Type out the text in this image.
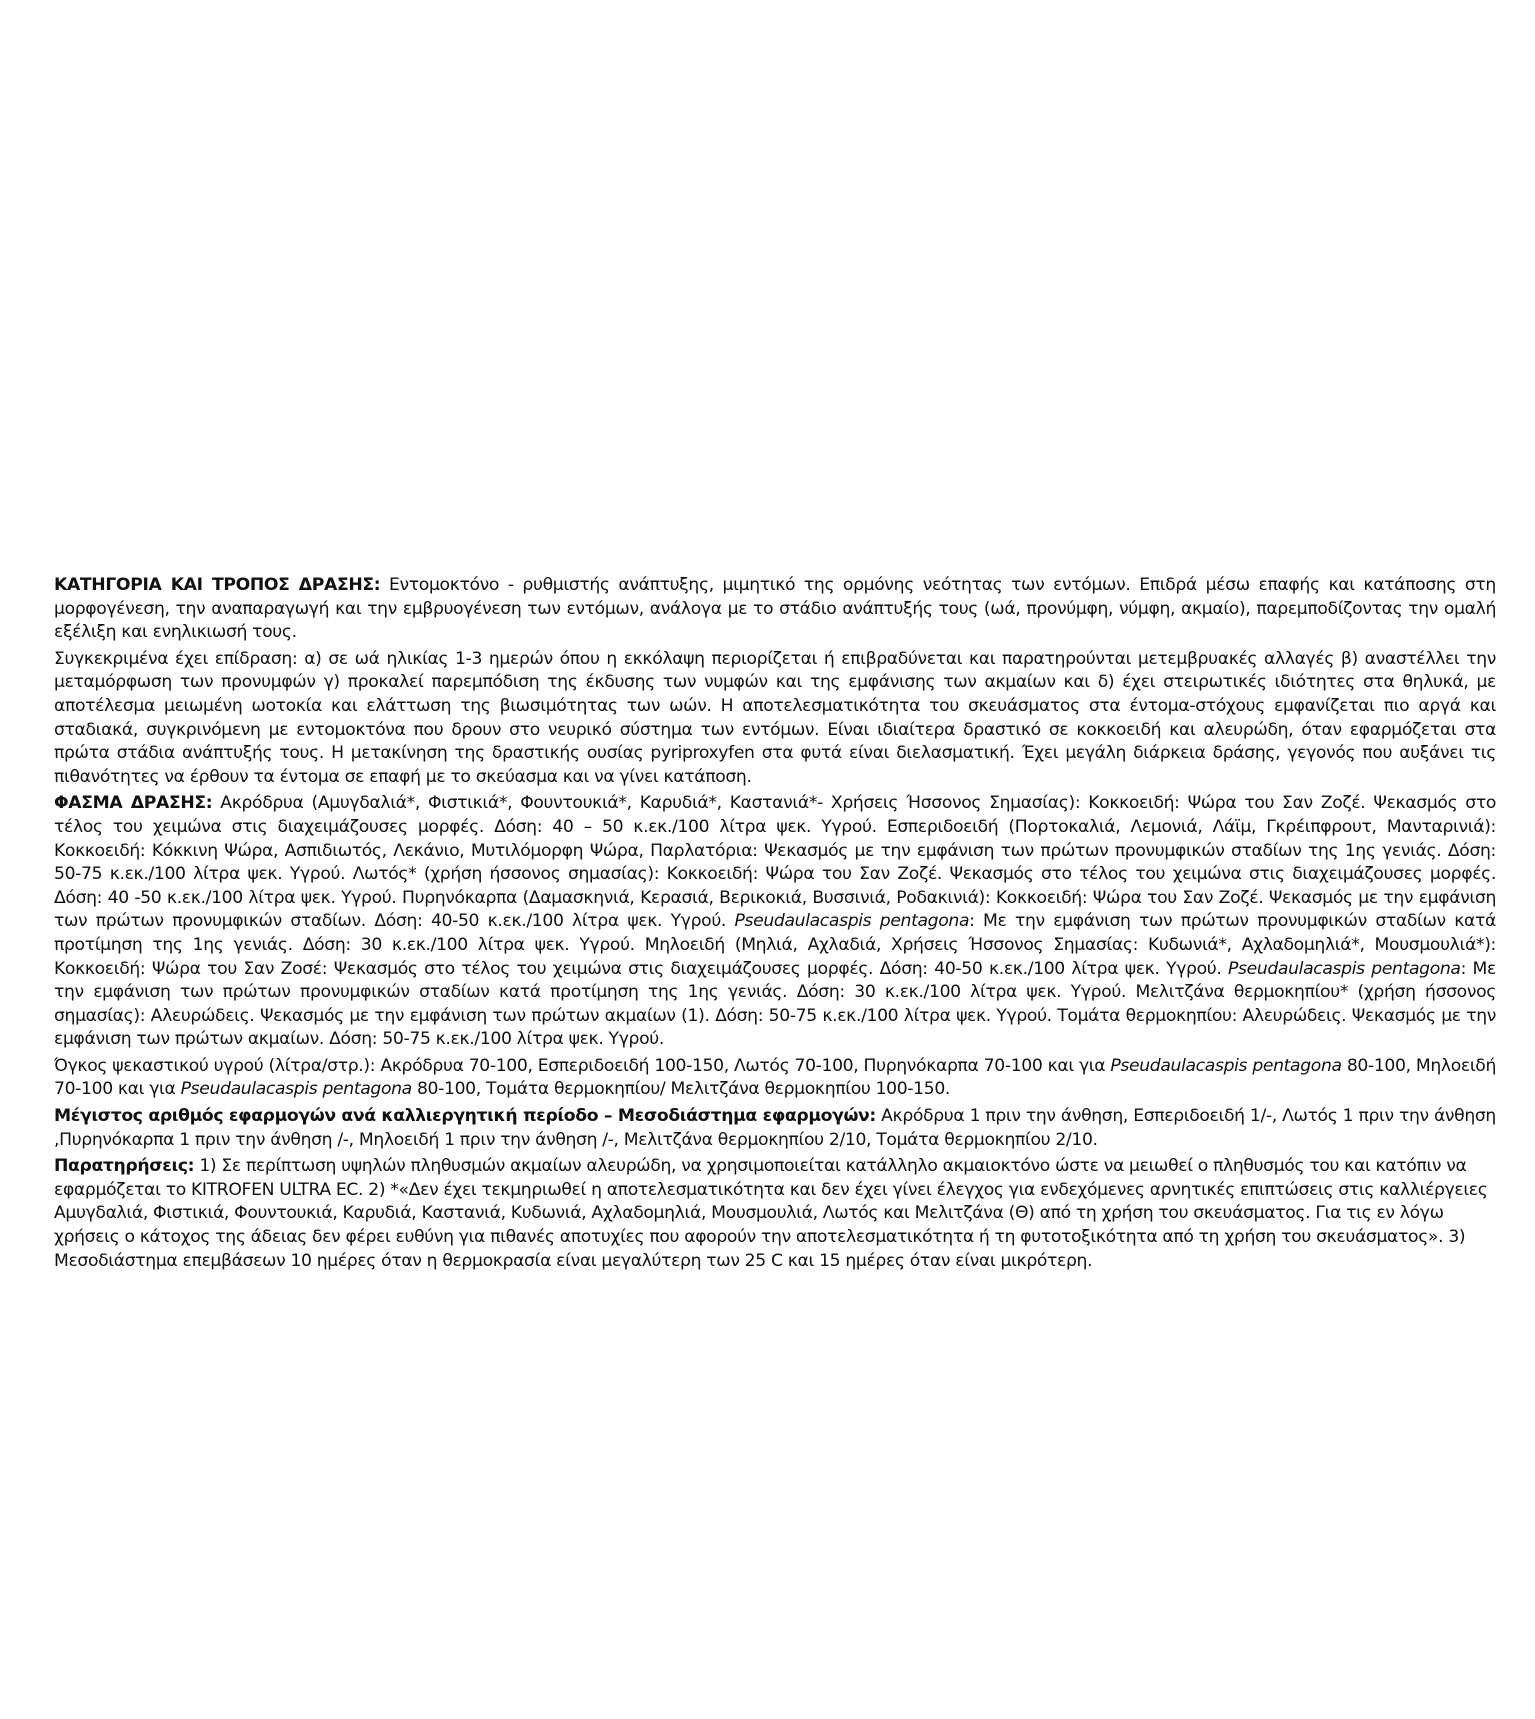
ΚΑΤΗΓΟΡΙΑ ΚΑΙ ΤΡΟΠΟΣ ΔΡΑΣΗΣ: Εντομοκτόνο - ρυθμιστής ανάπτυξης, μιμητικό της ορμόνης νεότητας των εντόμων. Επιδρά μέσω επαφής και κατάποσης στη μορφογένεση, την αναπαραγωγή και την εμβρυογένεση των εντόμων, ανάλογα με το στάδιο ανάπτυξής τους (ωά, προνύμφη, νύμφη, ακμαίο), παρεμποδίζοντας την ομαλή εξέλιξη και ενηλικιωσή τους.

Συγκεκριμένα έχει επίδραση: α) σε ωά ηλικίας 1-3 ημερών όπου η εκκόλαψη περιορίζεται ή επιβραδύνεται και παρατηρούνται μετεμβρυακές αλλαγές β) αναστέλλει την μεταμόρφωση των προνυμφών γ) προκαλεί παρεμπόδιση της έκδυσης των νυμφών και της εμφάνισης των ακμαίων και δ) έχει στειρωτικές ιδιότητες στα θηλυκά, με αποτέλεσμα μειωμένη ωοτοκία και ελάττωση της βιωσιμότητας των ωών. Η αποτελεσματικότητα του σκευάσματος στα έντομα-στόχους εμφανίζεται πιο αργά και σταδιακά, συγκρινόμενη με εντομοκτόνα που δρουν στο νευρικό σύστημα των εντόμων. Είναι ιδιαίτερα δραστικό σε κοκκοειδή και αλευρώδη, όταν εφαρμόζεται στα πρώτα στάδια ανάπτυξής τους. Η μετακίνηση της δραστικής ουσίας pyriproxyfen στα φυτά είναι διελασματική. Έχει μεγάλη διάρκεια δράσης, γεγονός που αυξάνει τις πιθανότητες να έρθουν τα έντομα σε επαφή με το σκεύασμα και να γίνει κατάποση.

ΦΑΣΜΑ ΔΡΑΣΗΣ: Ακρόδρυα (Αμυγδαλιά*, Φιστικιά*, Φουντουκιά*, Καρυδιά*, Καστανιά*- Χρήσεις Ήσσονος Σημασίας): Κοκκοειδή: Ψώρα του Σαν Ζοζέ. Ψεκασμός στο τέλος του χειμώνα στις διαχειμάζουσες μορφές. Δόση: 40 – 50 κ.εκ./100 λίτρα ψεκ. Υγρού. Εσπεριδοειδή (Πορτοκαλιά, Λεμονιά, Λάϊμ, Γκρέιπφρουτ, Μανταρινιά): Κοκκοειδή: Κόκκινη Ψώρα, Ασπιδιωτός, Λεκάνιο, Μυτιλόμορφη Ψώρα, Παρλατόρια: Ψεκασμός με την εμφάνιση των πρώτων προνυμφικών σταδίων της 1ης γενιάς. Δόση: 50-75 κ.εκ./100 λίτρα ψεκ. Υγρού. Λωτός* (χρήση ήσσονος σημασίας): Κοκκοειδή: Ψώρα του Σαν Ζοζέ. Ψεκασμός στο τέλος του χειμώνα στις διαχειμάζουσες μορφές. Δόση: 40 -50 κ.εκ./100 λίτρα ψεκ. Υγρού. Πυρηνόκαρπα (Δαμασκηνιά, Κερασιά, Βερικοκιά, Βυσσινιά, Ροδακινιά): Κοκκοειδή: Ψώρα του Σαν Ζοζέ. Ψεκασμός με την εμφάνιση των πρώτων προνυμφικών σταδίων. Δόση: 40-50 κ.εκ./100 λίτρα ψεκ. Υγρού. Pseudaulacaspis pentagona: Με την εμφάνιση των πρώτων προνυμφικών σταδίων κατά προτίμηση της 1ης γενιάς. Δόση: 30 κ.εκ./100 λίτρα ψεκ. Υγρού. Μηλοειδή (Μηλιά, Αχλαδιά, Χρήσεις Ήσσονος Σημασίας: Κυδωνιά*, Αχλαδομηλιά*, Μουσμουλιά*): Κοκκοειδή: Ψώρα του Σαν Ζοσέ: Ψεκασμός στο τέλος του χειμώνα στις διαχειμάζουσες μορφές. Δόση: 40-50 κ.εκ./100 λίτρα ψεκ. Υγρού. Pseudaulacaspis pentagona: Με την εμφάνιση των πρώτων προνυμφικών σταδίων κατά προτίμηση της 1ης γενιάς. Δόση: 30 κ.εκ./100 λίτρα ψεκ. Υγρού. Μελιτζάνα θερμοκηπίου* (χρήση ήσσονος σημασίας): Αλευρώδεις. Ψεκασμός με την εμφάνιση των πρώτων ακμαίων (1). Δόση: 50-75 κ.εκ./100 λίτρα ψεκ. Υγρού. Τομάτα θερμοκηπίου: Αλευρώδεις. Ψεκασμός με την εμφάνιση των πρώτων ακμαίων. Δόση: 50-75 κ.εκ./100 λίτρα ψεκ. Υγρού.

Όγκος ψεκαστικού υγρού (λίτρα/στρ.): Ακρόδρυα 70-100, Εσπεριδοειδή 100-150, Λωτός 70-100, Πυρηνόκαρπα 70-100 και για Pseudaulacaspis pentagona 80-100, Μηλοειδή 70-100 και για Pseudaulacaspis pentagona 80-100, Τομάτα θερμοκηπίου/ Μελιτζάνα θερμοκηπίου 100-150.

Μέγιστος αριθμός εφαρμογών ανά καλλιεργητική περίοδο – Μεσοδιάστημα εφαρμογών: Ακρόδρυα 1 πριν την άνθηση, Εσπεριδοειδή 1/-, Λωτός 1 πριν την άνθηση ,Πυρηνόκαρπα 1 πριν την άνθηση /-, Μηλοειδή 1 πριν την άνθηση /-, Μελιτζάνα θερμοκηπίου 2/10, Τομάτα θερμοκηπίου 2/10.

Παρατηρήσεις: 1) Σε περίπτωση υψηλών πληθυσμών ακμαίων αλευρώδη, να χρησιμοποιείται κατάλληλο ακμαιοκτόνο ώστε να μειωθεί ο πληθυσμός του και κατόπιν να εφαρμόζεται το KITROFEN ULTRA EC. 2) *«Δεν έχει τεκμηριωθεί η αποτελεσματικότητα και δεν έχει γίνει έλεγχος για ενδεχόμενες αρνητικές επιπτώσεις στις καλλιέργειες Αμυγδαλιά, Φιστικιά, Φουντουκιά, Καρυδιά, Καστανιά, Κυδωνιά, Αχλαδομηλιά, Μουσμουλιά, Λωτός και Μελιτζάνα (Θ) από τη χρήση του σκευάσματος. Για τις εν λόγω χρήσεις ο κάτοχος της άδειας δεν φέρει ευθύνη για πιθανές αποτυχίες που αφορούν την αποτελεσματικότητα ή τη φυτοτοξικότητα από τη χρήση του σκευάσματος». 3) Μεσοδιάστημα επεμβάσεων 10 ημέρες όταν η θερμοκρασία είναι μεγαλύτερη των 25 C και 15 ημέρες όταν είναι μικρότερη.
